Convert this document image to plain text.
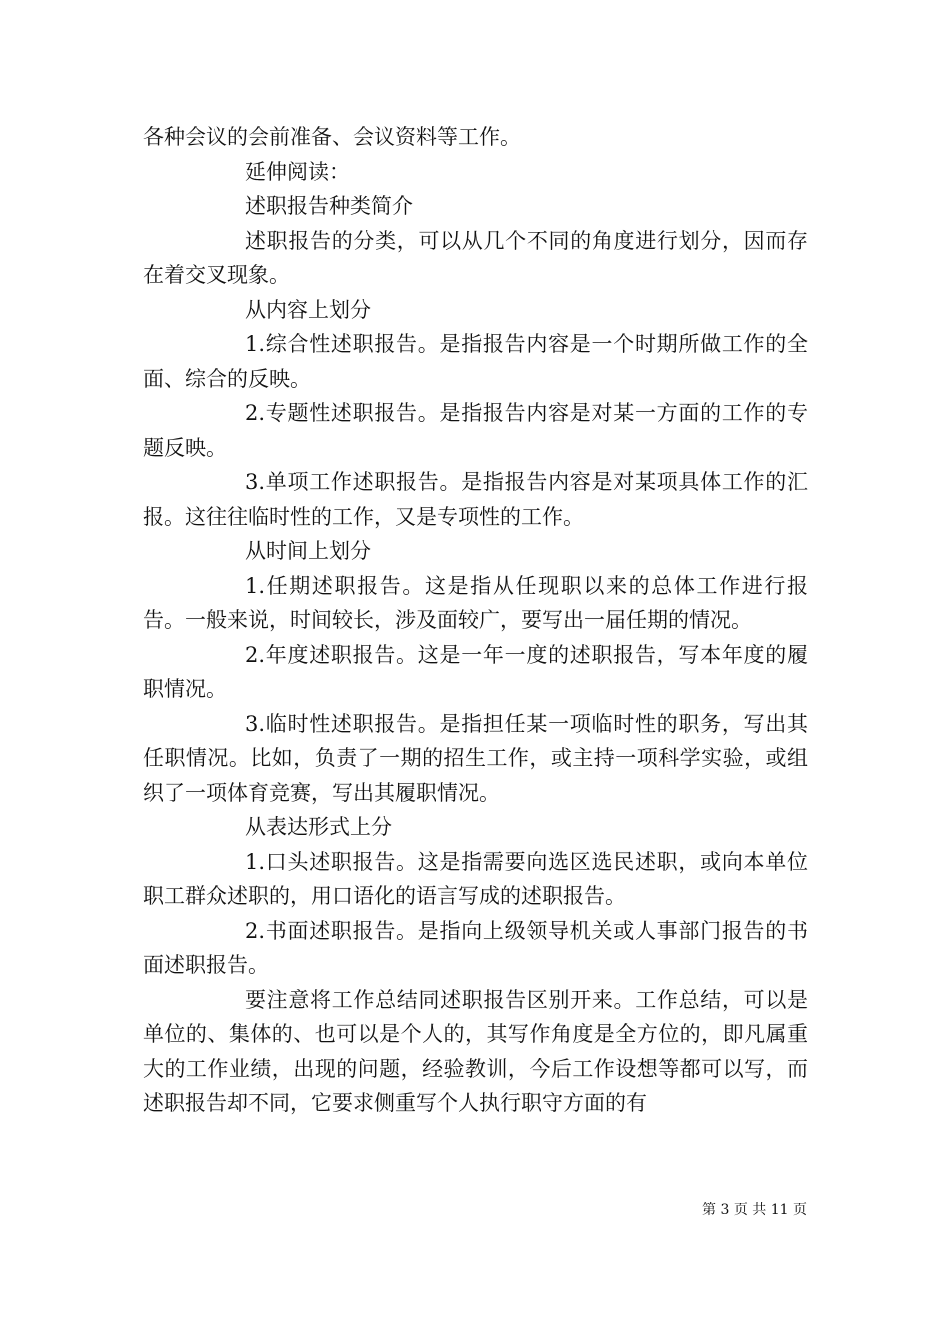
各种会议的会前准备、会议资料等工作。

延伸阅读：

述职报告种类简介

述职报告的分类，可以从几个不同的角度进行划分，因而存在着交叉现象。

从内容上划分

1.综合性述职报告。是指报告内容是一个时期所做工作的全面、综合的反映。

2.专题性述职报告。是指报告内容是对某一方面的工作的专题反映。

3.单项工作述职报告。是指报告内容是对某项具体工作的汇报。这往往临时性的工作，又是专项性的工作。

从时间上划分

1.任期述职报告。这是指从任现职以来的总体工作进行报告。一般来说，时间较长，涉及面较广，要写出一届任期的情况。

2.年度述职报告。这是一年一度的述职报告，写本年度的履职情况。

3.临时性述职报告。是指担任某一项临时性的职务，写出其任职情况。比如，负责了一期的招生工作，或主持一项科学实验，或组织了一项体育竞赛，写出其履职情况。

从表达形式上分

1.口头述职报告。这是指需要向选区选民述职，或向本单位职工群众述职的，用口语化的语言写成的述职报告。

2.书面述职报告。是指向上级领导机关或人事部门报告的书面述职报告。

要注意将工作总结同述职报告区别开来。工作总结，可以是单位的、集体的、也可以是个人的，其写作角度是全方位的，即凡属重大的工作业绩，出现的问题，经验教训，今后工作设想等都可以写，而述职报告却不同，它要求侧重写个人执行职守方面的有

第 3 页 共 11 页
